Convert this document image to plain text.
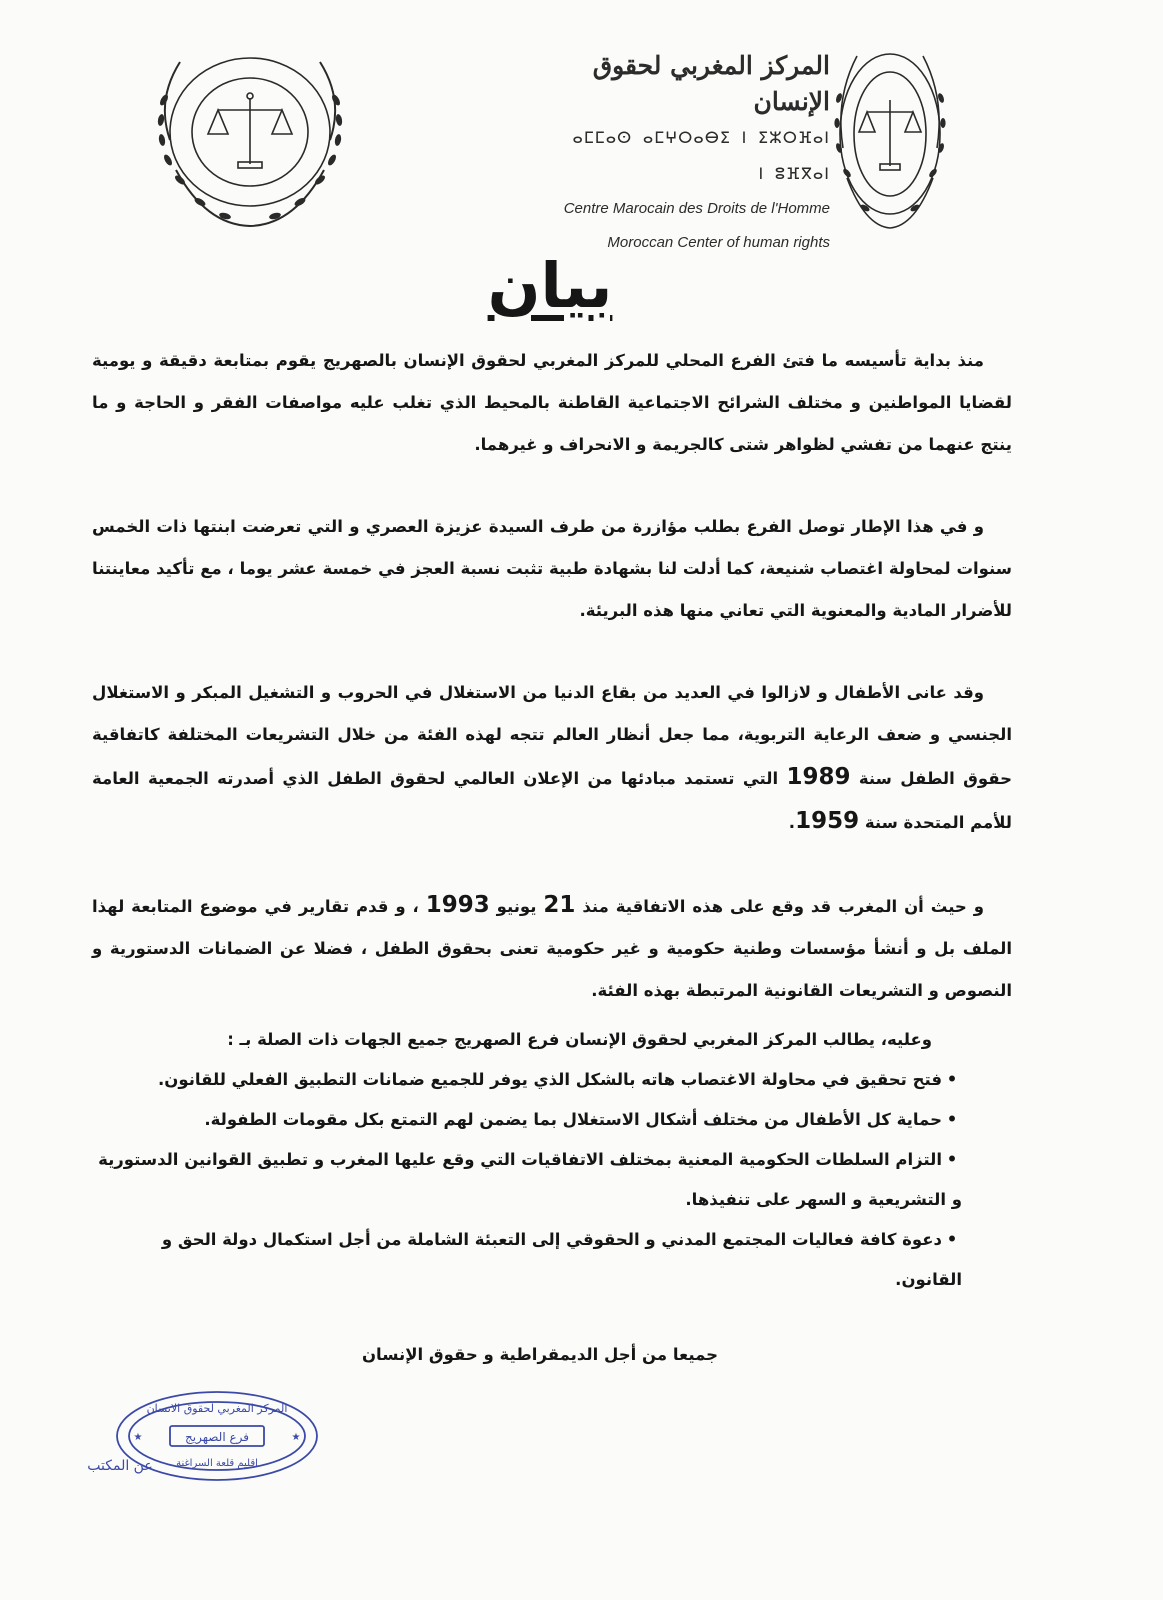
المركز المغربي لحقوق الإنسان
ⴰⵎⵎⴰⵙ ⴰⵎⵖⵔⴰⴱⵉ ⵏ ⵉⵣⵔⴼⴰⵏ ⵏ ⵓⴼⴳⴰⵏ
Centre Marocain des Droits de l'Homme
Moroccan Center of human rights
بيان

منذ بداية تأسيسه ما فتئ الفرع المحلي للمركز المغربي لحقوق الإنسان بالصهريج يقوم بمتابعة دقيقة و يومية لقضايا المواطنين و مختلف الشرائح الاجتماعية القاطنة بالمحيط الذي تغلب عليه مواصفات الفقر و الحاجة و ما ينتج عنهما من تفشي لظواهر شتى كالجريمة و الانحراف و غيرهما.

و في هذا الإطار توصل الفرع بطلب مؤازرة من طرف السيدة عزيزة العصري و التي تعرضت ابنتها ذات الخمس سنوات لمحاولة اغتصاب شنيعة، كما أدلت لنا بشهادة طبية تثبت نسبة العجز في خمسة عشر يوما ، مع تأكيد معاينتنا للأضرار المادية والمعنوية التي تعاني منها هذه البريئة.

وقد عانى الأطفال و لازالوا في العديد من بقاع الدنيا من الاستغلال في الحروب و التشغيل المبكر و الاستغلال الجنسي و ضعف الرعاية التربوية، مما جعل أنظار العالم تتجه لهذه الفئة من خلال التشريعات المختلفة كاتفاقية حقوق الطفل سنة 1989 التي تستمد مبادئها من الإعلان العالمي لحقوق الطفل الذي أصدرته الجمعية العامة للأمم المتحدة سنة 1959.

و حيث أن المغرب قد وقع على هذه الاتفاقية منذ 21 يونيو 1993 ، و قدم تقارير في موضوع المتابعة لهذا الملف بل و أنشأ مؤسسات وطنية حكومية و غير حكومية تعنى بحقوق الطفل ، فضلا عن الضمانات الدستورية و النصوص و التشريعات القانونية المرتبطة بهذه الفئة.

وعليه، يطالب المركز المغربي لحقوق الإنسان فرع الصهريج جميع الجهات ذات الصلة بـ :

•فتح تحقيق في محاولة الاغتصاب هاته بالشكل الذي يوفر للجميع ضمانات التطبيق الفعلي للقانون.
•حماية كل الأطفال من مختلف أشكال الاستغلال بما يضمن لهم التمتع بكل مقومات الطفولة.
•التزام السلطات الحكومية المعنية بمختلف الاتفاقيات التي وقع عليها المغرب و تطبيق القوانين الدستورية و التشريعية و السهر على تنفيذها.
•دعوة كافة فعاليات المجتمع المدني و الحقوقي إلى التعبئة الشاملة من أجل استكمال دولة الحق و القانون.
جميعا من أجل الديمقراطية و حقوق الإنسان
المركز المغربي لحقوق الانسان
فرع الصهريج
اقليم قلعة السراغنة
★	★
عن المكتب
